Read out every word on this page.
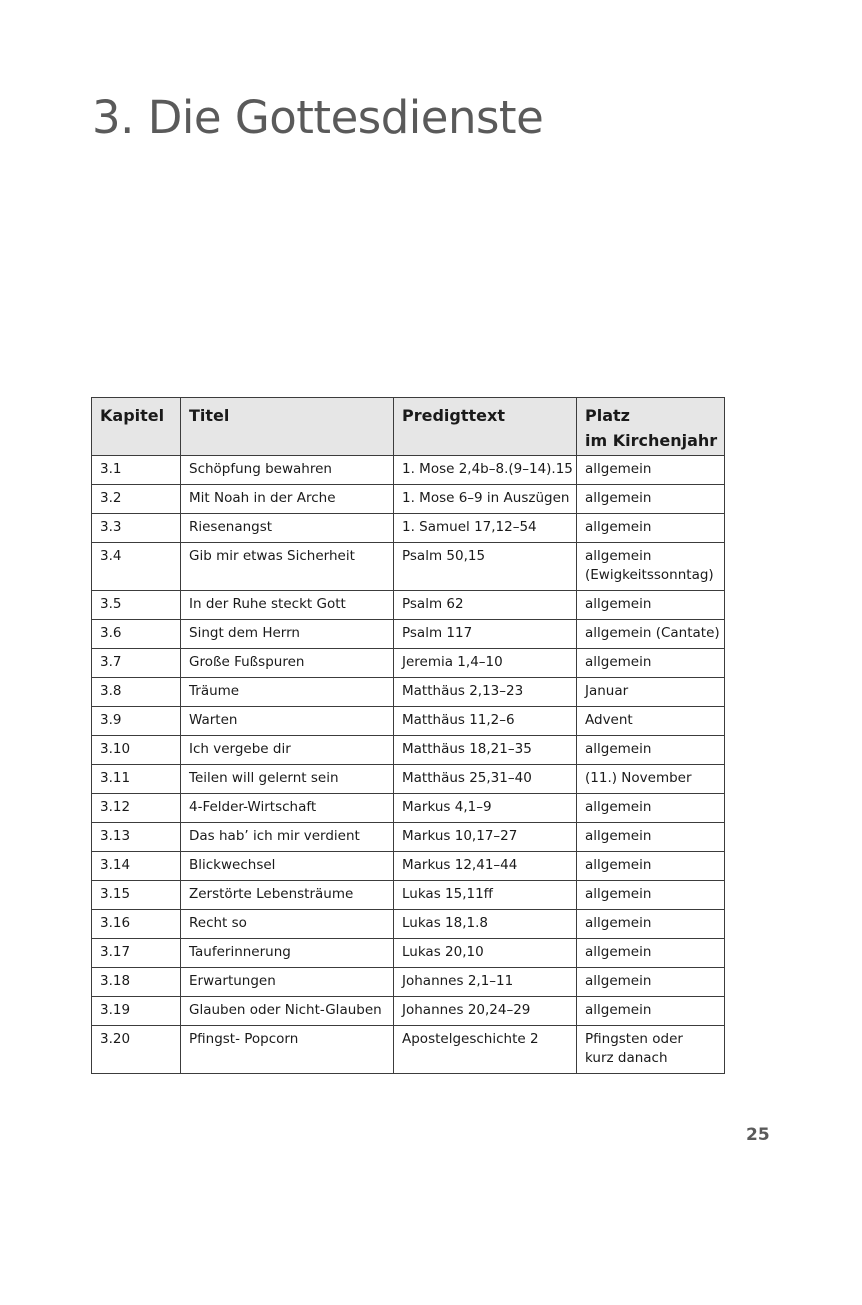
3. Die Gottesdienste
Kapitel	Titel	Predigttext	Platz
im Kirchenjahr

3.1	Schöpfung bewahren	1. Mose 2,4b–8.(9–14).15	allgemein
3.2	Mit Noah in der Arche	1. Mose 6–9 in Auszügen	allgemein
3.3	Riesenangst	1. Samuel 17,12–54	allgemein
3.4	Gib mir etwas Sicherheit	Psalm 50,15	allgemein
(Ewigkeitssonntag)

3.5	In der Ruhe steckt Gott	Psalm 62	allgemein
3.6	Singt dem Herrn	Psalm 117	allgemein (Cantate)
3.7	Große Fußspuren	Jeremia 1,4–10	allgemein
3.8	Träume	Matthäus 2,13–23	Januar
3.9	Warten	Matthäus 11,2–6	Advent
3.10	Ich vergebe dir	Matthäus 18,21–35	allgemein
3.11	Teilen will gelernt sein	Matthäus 25,31–40	(11.) November
3.12	4-Felder-Wirtschaft	Markus 4,1–9	allgemein
3.13	Das hab’ ich mir verdient	Markus 10,17–27	allgemein
3.14	Blickwechsel	Markus 12,41–44	allgemein
3.15	Zerstörte Lebensträume	Lukas 15,11ff	allgemein
3.16	Recht so	Lukas 18,1.8	allgemein
3.17	Tauferinnerung	Lukas 20,10	allgemein
3.18	Erwartungen	Johannes 2,1–11	allgemein
3.19	Glauben oder Nicht-Glauben	Johannes 20,24–29	allgemein
3.20	Pfingst- Popcorn	Apostelgeschichte 2	Pfingsten oder
kurz danach
25
